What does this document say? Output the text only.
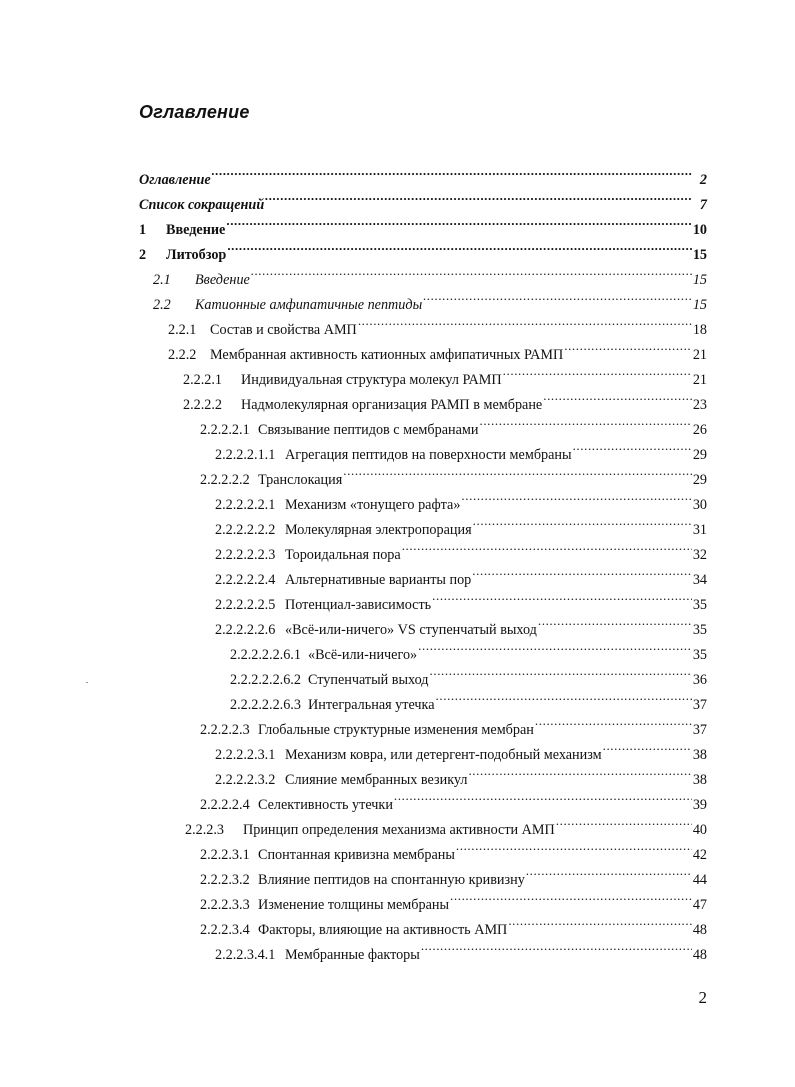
Оглавление
Оглавление .....	2
Список сокращений .....	7
1	Введение .....	10
2	Литобзор .....	15
2.1	Введение .....	15
2.2	Катионные амфипатичные пептиды .....	15
2.2.1 Состав и свойства АМП .....	18
2.2.2 Мембранная активность катионных амфипатичных РАМП .....	21
2.2.2.1	Индивидуальная структура молекул РАМП .....	21
2.2.2.2	Надмолекулярная организация РАМП в мембране .....	23
2.2.2.2.1 Связывание пептидов с мембранами .....	26
2.2.2.2.1.1 Агрегация пептидов на поверхности мембраны .....	29
2.2.2.2.2 Транслокация .....	29
2.2.2.2.2.1 Механизм «тонущего рафта» .....	30
2.2.2.2.2.2 Молекулярная электропорация .....	31
2.2.2.2.2.3 Тороидальная пора .....	32
2.2.2.2.2.4 Альтернативные варианты пор .....	34
2.2.2.2.2.5 Потенциал-зависимость .....	35
2.2.2.2.2.6 «Всё-или-ничего» VS ступенчатый выход .....	35
2.2.2.2.2.6.1 «Всё-или-ничего» .....	35
2.2.2.2.2.6.2 Ступенчатый выход .....	36
2.2.2.2.2.6.3 Интегральная утечка .....	37
2.2.2.2.3 Глобальные структурные изменения мембран .....	37
2.2.2.2.3.1 Механизм ковра, или детергент-подобный механизм .....	38
2.2.2.2.3.2 Слияние мембранных везикул .....	38
2.2.2.2.4 Селективность утечки .....	39
2.2.2.3	Принцип определения механизма активности АМП .....	40
2.2.2.3.1 Спонтанная кривизна мембраны .....	42
2.2.2.3.2 Влияние пептидов на спонтанную кривизну .....	44
2.2.2.3.3 Изменение толщины мембраны .....	47
2.2.2.3.4 Факторы, влияющие на активность АМП .....	48
2.2.2.3.4.1 Мембранные факторы .....	48
2
